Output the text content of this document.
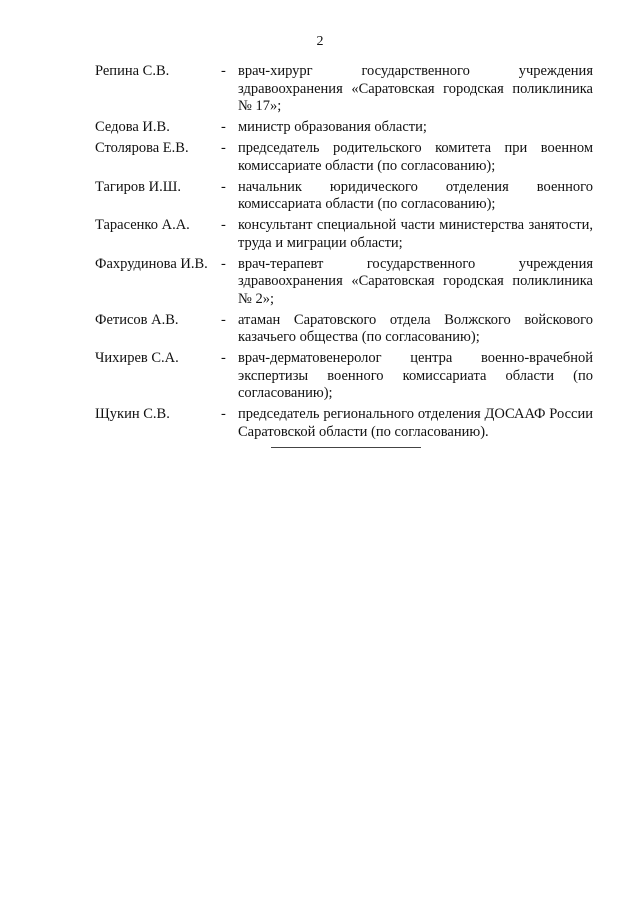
2
Репина С.В.	- врач-хирург государственного учреждения здравоохранения «Саратовская городская поликлиника № 17»;
Седова И.В.	- министр образования области;
Столярова Е.В.	- председатель родительского комитета при военном комиссариате области (по согласованию);
Тагиров И.Ш.	- начальник юридического отделения военного комиссариата области (по согласованию);
Тарасенко А.А.	- консультант специальной части министерства занятости, труда и миграции области;
Фахрудинова И.В. - врач-терапевт государственного учреждения здравоохранения «Саратовская городская поликлиника № 2»;
Фетисов А.В.	- атаман Саратовского отдела Волжского войскового казачьего общества (по согласованию);
Чихирев С.А.	- врач-дерматовенеролог центра военно-врачебной экспертизы военного комиссариата области (по согласованию);
Щукин С.В.	- председатель регионального отделения ДОСААФ России Саратовской области (по согласованию).
